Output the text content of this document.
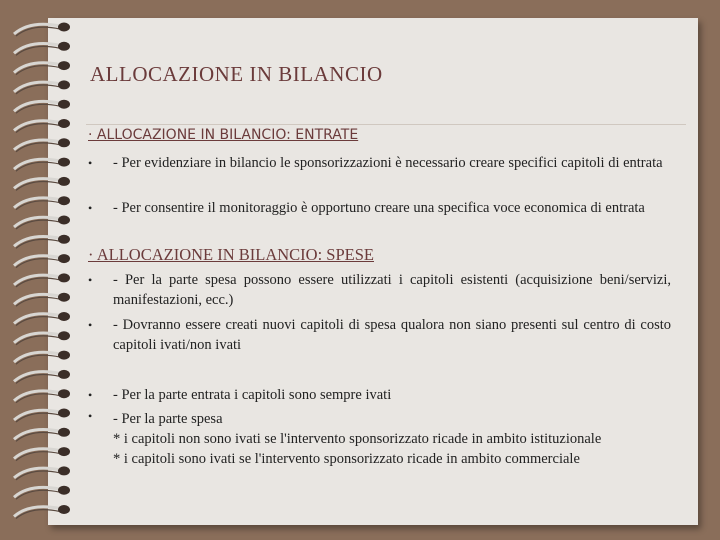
ALLOCAZIONE IN BILANCIO
· ALLOCAZIONE IN BILANCIO: ENTRATE
• - Per evidenziare in bilancio le sponsorizzazioni è necessario creare specifici capitoli di entrata
• - Per consentire il monitoraggio è opportuno creare una specifica voce economica di entrata
· ALLOCAZIONE IN BILANCIO: SPESE
• - Per la parte spesa possono essere utilizzati i capitoli esistenti (acquisizione beni/servizi, manifestazioni, ecc.)
• - Dovranno essere creati nuovi capitoli di spesa qualora non siano presenti sul centro di costo capitoli ivati/non ivati
• - Per la parte entrata i capitoli sono sempre ivati
• - Per la parte spesa
* i capitoli non sono ivati se l'intervento sponsorizzato ricade in ambito istituzionale
* i capitoli sono ivati se l'intervento sponsorizzato ricade in ambito commerciale
